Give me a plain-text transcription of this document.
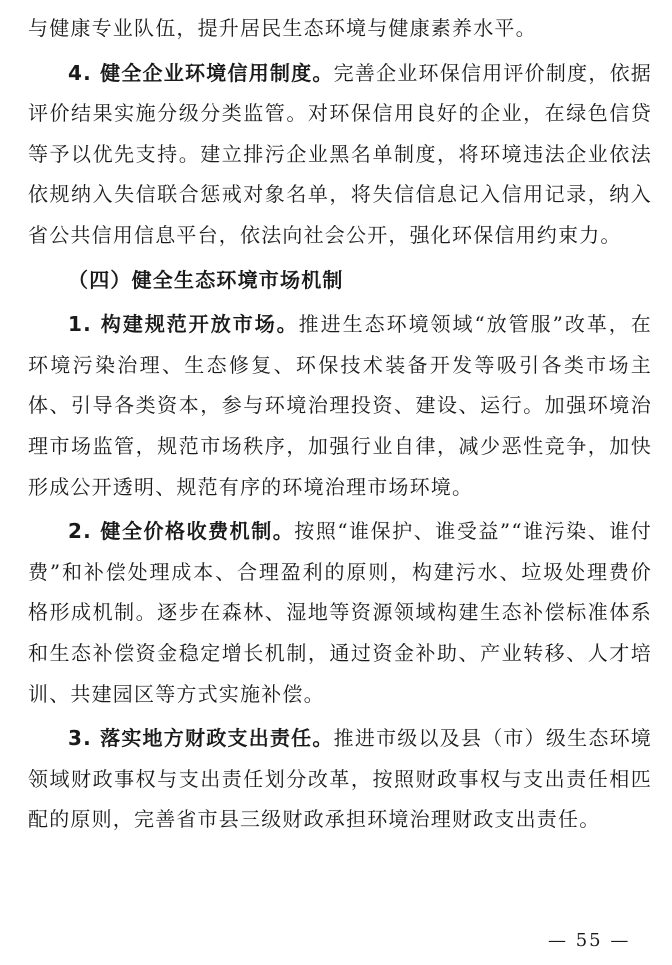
与健康专业队伍，提升居民生态环境与健康素养水平。

4. 健全企业环境信用制度。完善企业环保信用评价制度，依据评价结果实施分级分类监管。对环保信用良好的企业，在绿色信贷等予以优先支持。建立排污企业黑名单制度，将环境违法企业依法依规纳入失信联合惩戒对象名单，将失信信息记入信用记录，纳入省公共信用信息平台，依法向社会公开，强化环保信用约束力。

（四）健全生态环境市场机制

1. 构建规范开放市场。推进生态环境领域“放管服”改革，在环境污染治理、生态修复、环保技术装备开发等吸引各类市场主体、引导各类资本，参与环境治理投资、建设、运行。加强环境治理市场监管，规范市场秩序，加强行业自律，减少恶性竞争，加快形成公开透明、规范有序的环境治理市场环境。

2. 健全价格收费机制。按照“谁保护、谁受益”“谁污染、谁付费”和补偿处理成本、合理盈利的原则，构建污水、垃圾处理费价格形成机制。逐步在森林、湿地等资源领域构建生态补偿标准体系和生态补偿资金稳定增长机制，通过资金补助、产业转移、人才培训、共建园区等方式实施补偿。

3. 落实地方财政支出责任。推进市级以及县（市）级生态环境领域财政事权与支出责任划分改革，按照财政事权与支出责任相匹配的原则，完善省市县三级财政承担环境治理财政支出责任。

— 55 —
